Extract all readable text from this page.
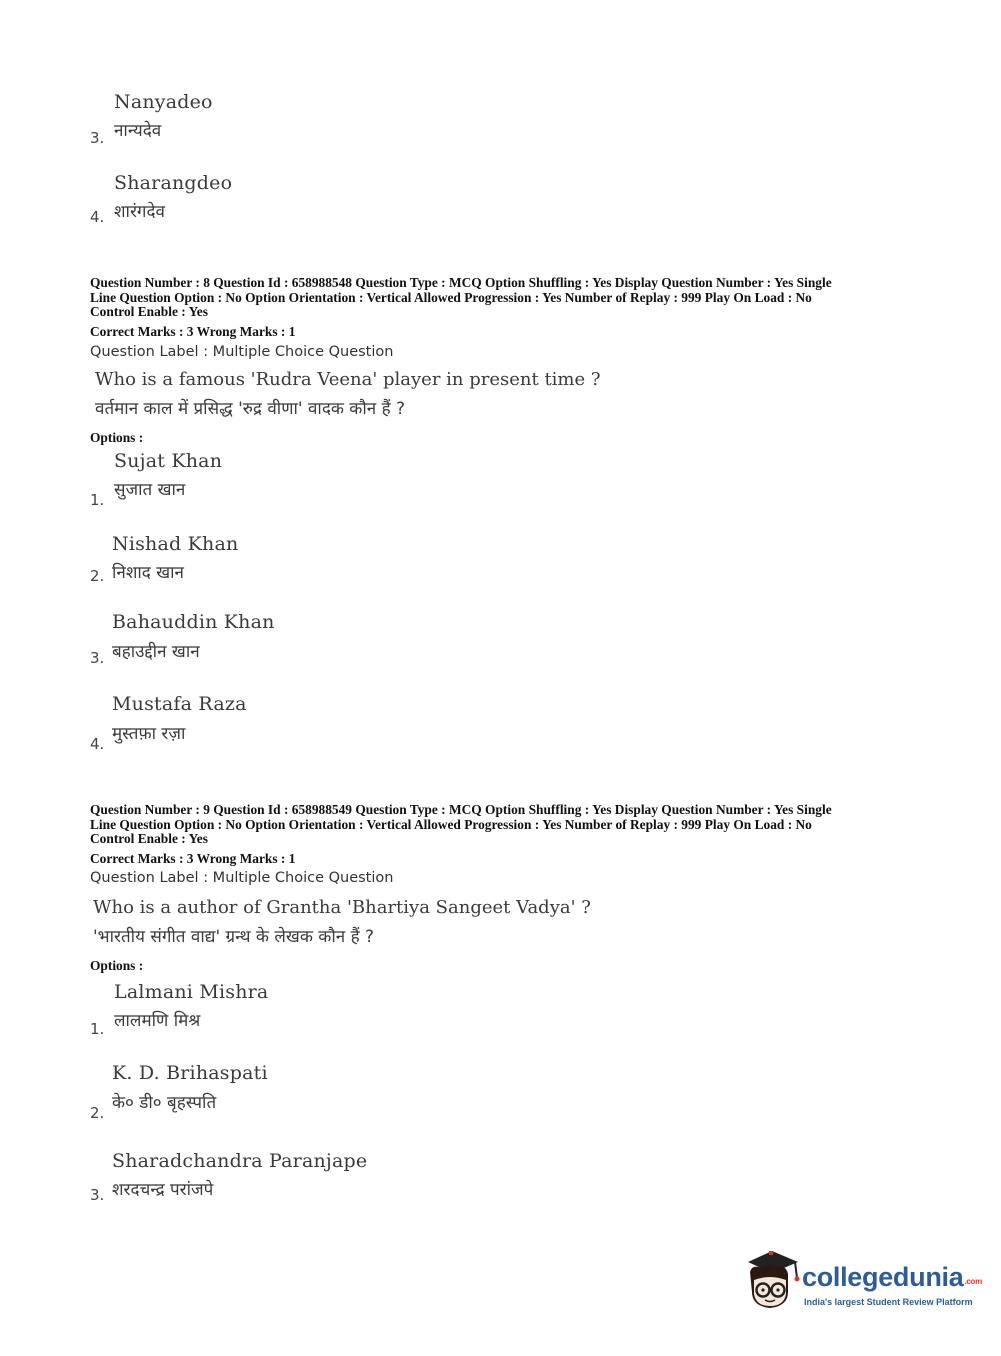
Nanyadeo
3. नान्यदेव
Sharangdeo
4. शारंगदेव
Question Number : 8 Question Id : 658988548 Question Type : MCQ Option Shuffling : Yes Display Question Number : Yes Single
Line Question Option : No Option Orientation : Vertical Allowed Progression : Yes Number of Replay : 999 Play On Load : No
Control Enable : Yes
Correct Marks : 3 Wrong Marks : 1
Question Label : Multiple Choice Question
Who is a famous 'Rudra Veena' player in present time ?
वर्तमान काल में प्रसिद्ध 'रुद्र वीणा' वादक कौन हैं ?
Options :
Sujat Khan
1. सुजात खान
Nishad Khan
2. निशाद खान
Bahauddin Khan
3. बहाउद्दीन खान
Mustafa Raza
4. मुस्तफ़ा रज़ा
Question Number : 9 Question Id : 658988549 Question Type : MCQ Option Shuffling : Yes Display Question Number : Yes Single
Line Question Option : No Option Orientation : Vertical Allowed Progression : Yes Number of Replay : 999 Play On Load : No
Control Enable : Yes
Correct Marks : 3 Wrong Marks : 1
Question Label : Multiple Choice Question
Who is a author of Grantha 'Bhartiya Sangeet Vadya' ?
'भारतीय संगीत वाद्य' ग्रन्थ के लेखक कौन हैं ?
Options :
Lalmani Mishra
1. लालमणि मिश्र
K. D. Brihaspati
2. के० डी० बृहस्पति
Sharadchandra Paranjape
3. शरदचन्द्र परांजपे
collegedunia.com
India's largest Student Review Platform
